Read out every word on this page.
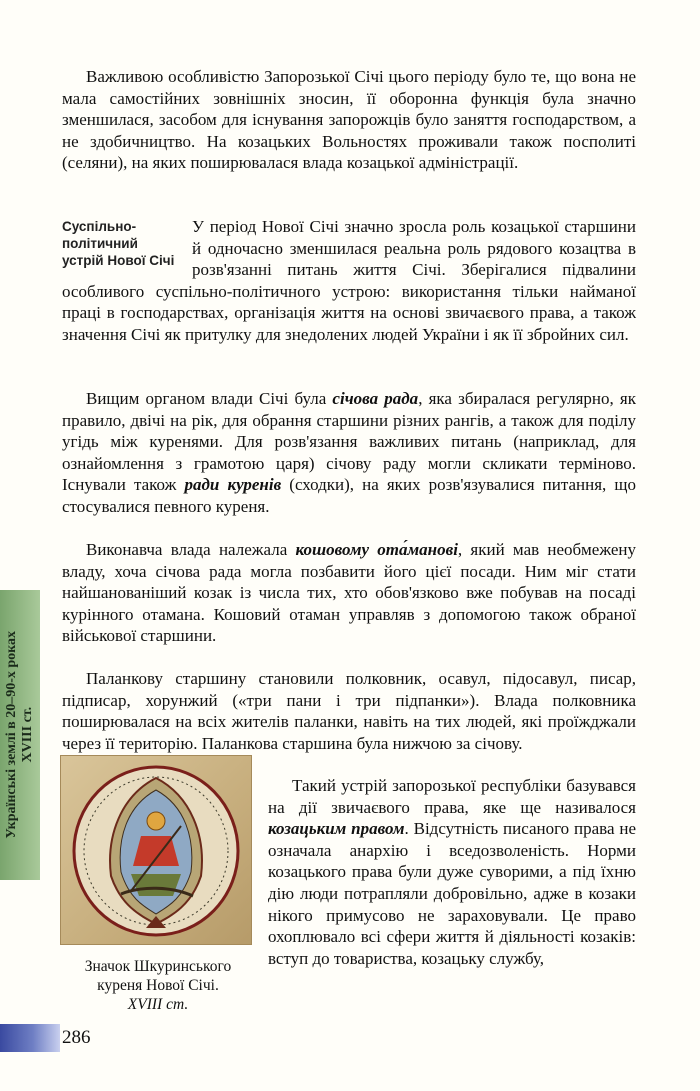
Важливою особливістю Запорозької Січі цього періоду було те, що вона не мала самостійних зовнішніх зносин, її оборонна функція була значно зменшилася, засобом для існування запорожців було заняття господарством, а не здобичництво. На козацьких Вольностях проживали також посполиті (селяни), на яких поширювалася влада козацької адміністрації.

Суспільно-політичний устрій Нової Січі

У період Нової Січі значно зросла роль козацької старшини й одночасно зменшилася реальна роль рядового козацтва в розв'язанні питань життя Січі. Зберігалися підвалини особливого суспільно-політичного устрою: використання тільки найманої праці в господарствах, організація життя на основі звичаєвого права, а також значення Січі як притулку для знедолених людей України і як її збройних сил.

Вищим органом влади Січі була січова рада, яка збиралася регулярно, як правило, двічі на рік, для обрання старшини різних рангів, а також для поділу угідь між куренями. Для розв'язання важливих питань (наприклад, для ознайомлення з грамотою царя) січову раду могли скликати терміново. Існували також ради куренів (сходки), на яких розв'язувалися питання, що стосувалися певного куреня.

Виконавча влада належала кошовому ота́манові, який мав необмежену владу, хоча січова рада могла позбавити його цієї посади. Ним міг стати найшанованіший козак із числа тих, хто обов'язково вже побував на посаді курінного отамана. Кошовий отаман управляв з допомогою також обраної військової старшини.

Паланкову старшину становили полковник, осавул, підосавул, писар, підписар, хорунжий («три пани і три підпанки»). Влада полковника поширювалася на всіх жителів паланки, навіть на тих людей, які проїжджали через її територію. Паланкова старшина була нижчою за січову.

Такий устрій запорозької республіки базувався на дії звичаєвого права, яке ще називалося козацьким правом. Відсутність писаного права не означала анархію і вседозволеність. Норми козацького права були дуже суворими, а під їхню дію люди потрапляли добровільно, адже в козаки нікого примусово не зараховували. Це право охоплювало всі сфери життя й діяльності козаків: вступ до товариства, козацьку службу,

Значок Шкуринського
куреня Нової Січі.
XVIII ст.
Українські землі в 20–90-х роках
XVIII ст.
286
